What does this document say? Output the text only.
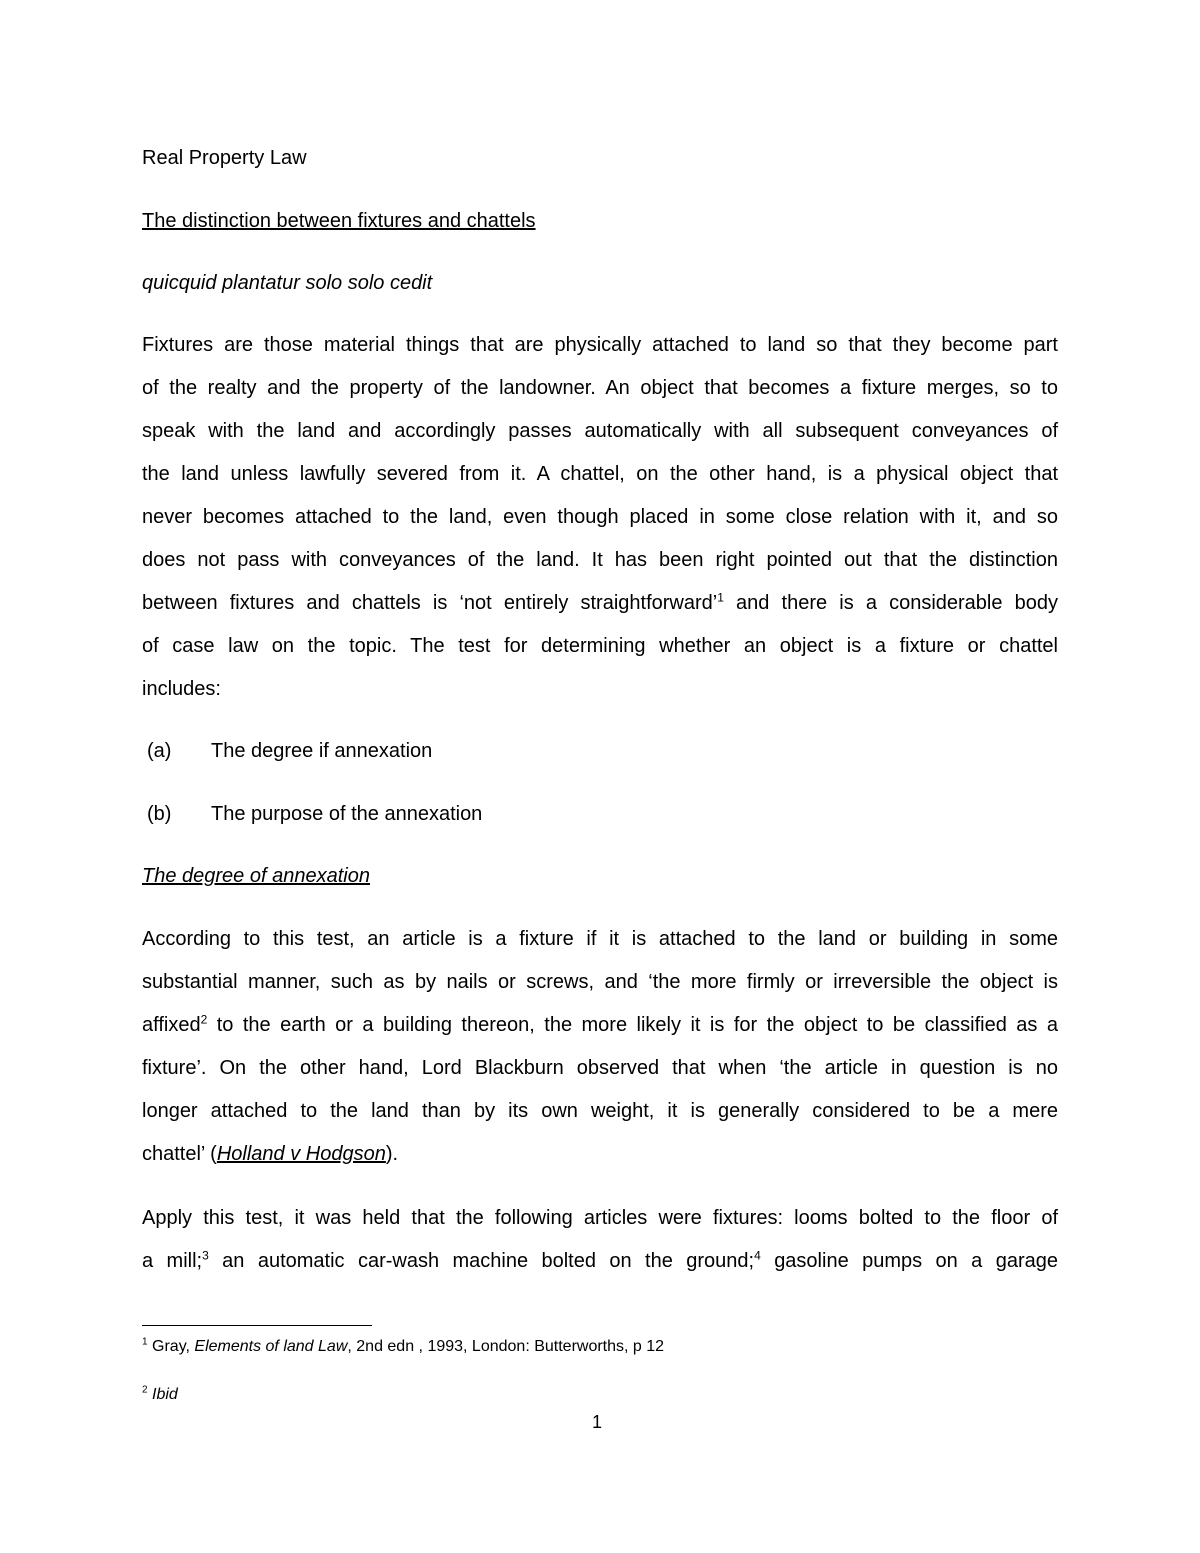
Real Property Law
The distinction between fixtures and chattels
quicquid plantatur solo solo cedit
Fixtures are those material things that are physically attached to land so that they become part
of the realty and the property of the landowner. An object that becomes a fixture merges, so to
speak with the land and accordingly passes automatically with all subsequent conveyances of
the land unless lawfully severed from it. A chattel, on the other hand, is a physical object that
never becomes attached to the land, even though placed in some close relation with it, and so
does not pass with conveyances of the land. It has been right pointed out that the distinction
between fixtures and chattels is ‘not entirely straightforward’$^1$ and there is a considerable body
of case law on the topic. The test for determining whether an object is a fixture or chattel
includes:
(a) The degree if annexation
(b) The purpose of the annexation
The degree of annexation
According to this test, an article is a fixture if it is attached to the land or building in some
substantial manner, such as by nails or screws, and ‘the more firmly or irreversible the object is
affixed$^2$ to the earth or a building thereon, the more likely it is for the object to be classified as a
fixture’. On the other hand, Lord Blackburn observed that when ‘the article in question is no
longer attached to the land than by its own weight, it is generally considered to be a mere
chattel’ (Holland v Hodgson).
Apply this test, it was held that the following articles were fixtures: looms bolted to the floor of
a mill;$^3$ an automatic car-wash machine bolted on the ground;$^4$ gasoline pumps on a garage
$^1$ Gray, Elements of land Law, 2nd edn , 1993, London: Butterworths, p 12
$^2$ Ibid
1
